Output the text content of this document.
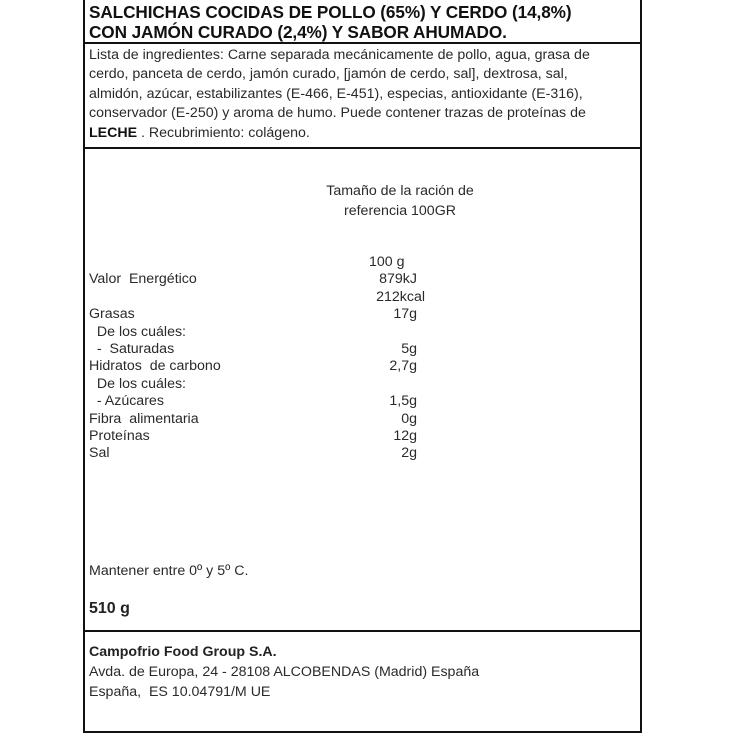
SALCHICHAS COCIDAS DE POLLO (65%) Y CERDO (14,8%)
CON JAMÓN CURADO (2,4%) Y SABOR AHUMADO.
Lista de ingredientes: Carne separada mecánicamente de pollo, agua, grasa de
cerdo, panceta de cerdo, jamón curado, [jamón de cerdo, sal], dextrosa, sal,
almidón, azúcar, estabilizantes (E-466, E-451), especias, antioxidante (E-316),
conservador (E-250) y aroma de humo. Puede contener trazas de proteínas de
LECHE . Recubrimiento: colágeno.
Tamaño de la ración de
referencia 100GR
100 g
Valor  Energético	879kJ
212kcal
Grasas	17g
De los cuáles:
-  Saturadas	5g
Hidratos  de carbono	2,7g
De los cuáles:
- Azúcares	1,5g
Fibra  alimentaria	0g
Proteínas	12g
Sal	2g
Mantener entre 0º y 5º C.
510 g
Campofrio Food Group S.A.
Avda. de Europa, 24 - 28108 ALCOBENDAS (Madrid) España
España,  ES 10.04791/M UE
